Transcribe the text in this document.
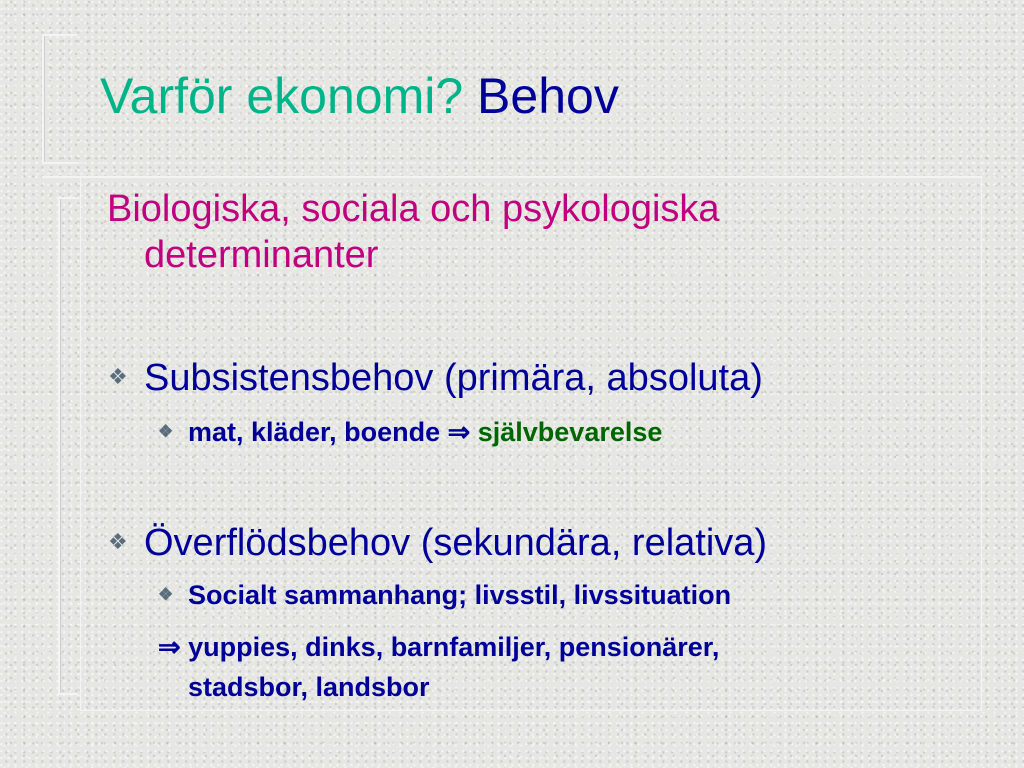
Varför ekonomi? Behov
Biologiska, sociala och psykologiska
determinanter
❖ Subsistensbehov (primära, absoluta)
❖ mat, kläder, boende ⇒ självbevarelse
❖ Överflödsbehov (sekundära, relativa)
❖ Socialt sammanhang; livsstil, livssituation
⇒ yuppies, dinks, barnfamiljer, pensionärer,
stadsbor, landsbor
